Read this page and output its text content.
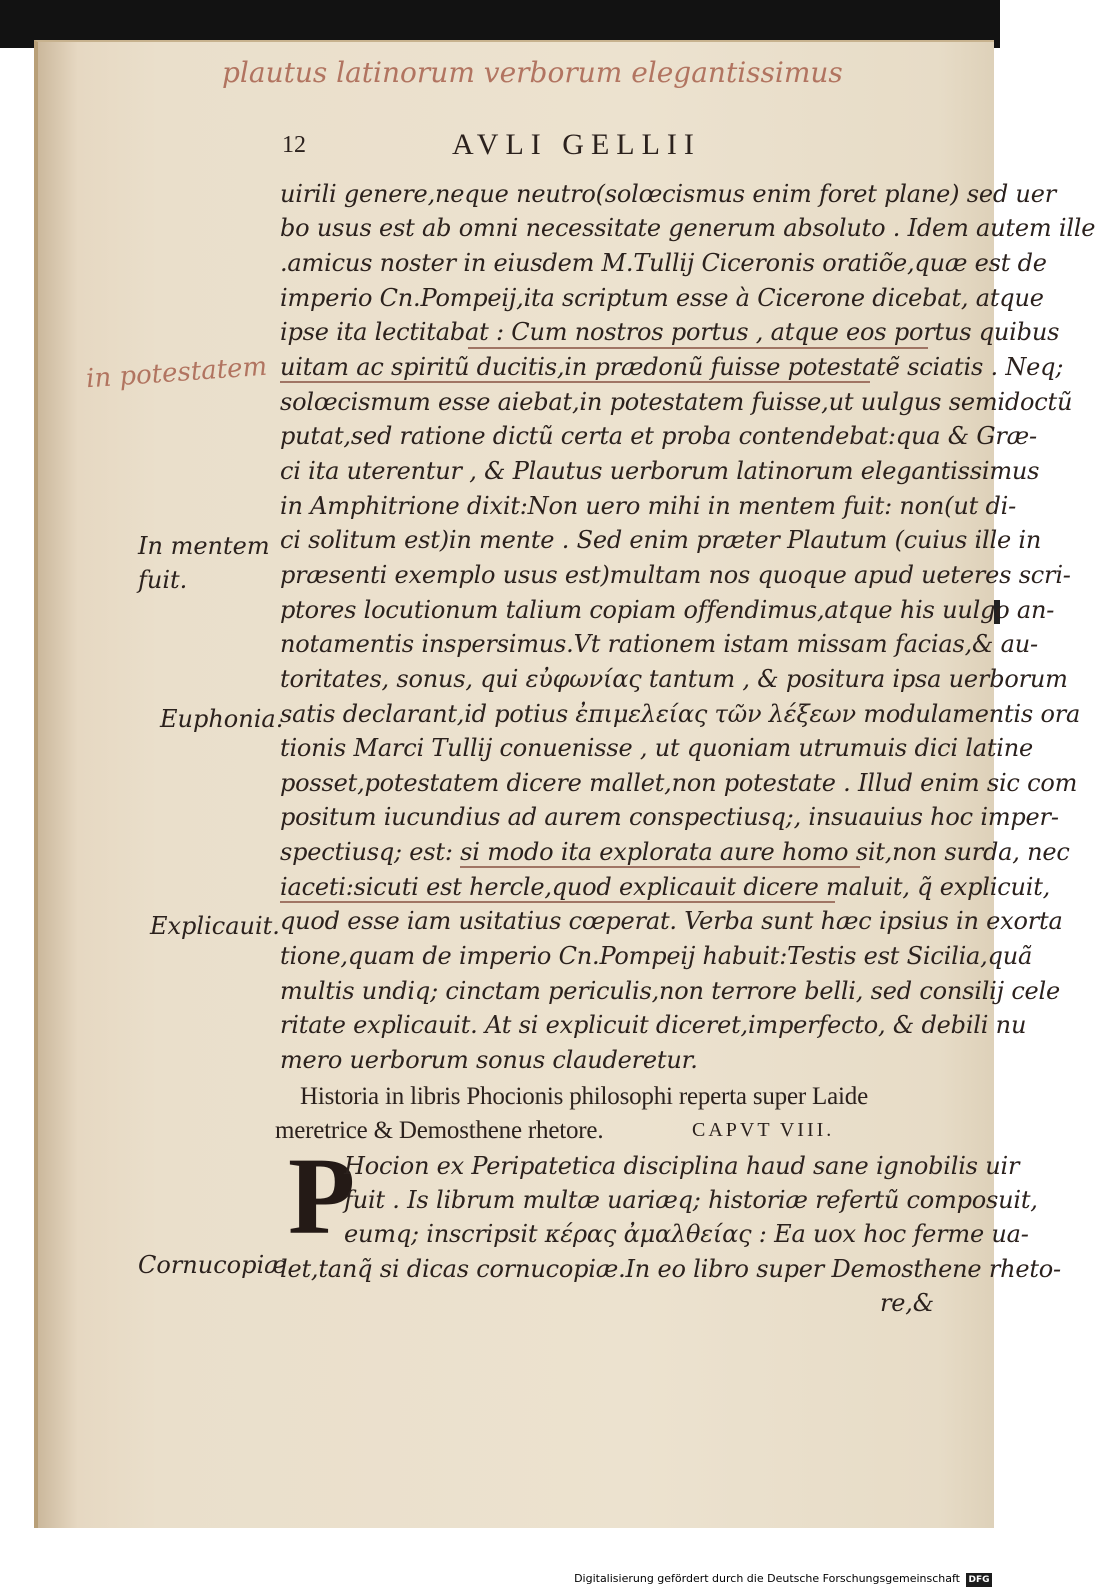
plautus latinorum verborum elegantissimus
in potestatem
12	AVLI GELLII
uirili genere,neque neutro(solœcismus enim foret plane) sed uer
bo usus est ab omni necessitate generum absoluto . Idem autem ille
.amicus noster in eiusdem M.Tullij Ciceronis oratiõe,quæ est de
imperio Cn.Pompeij,ita scriptum esse à Cicerone dicebat, atque
ipse ita lectitabat : Cum nostros portus , atque eos portus quibus
uitam ac spiritũ ducitis,in prædonũ fuisse potestatẽ sciatis . Neq;
solœcismum esse aiebat,in potestatem fuisse,ut uulgus semidoctũ
putat,sed ratione dictũ certa et proba contendebat:qua & Græ-
ci ita uterentur , & Plautus uerborum latinorum elegantissimus
in Amphitrione dixit:Non uero mihi in mentem fuit: non(ut di-
ci solitum est)in mente . Sed enim præter Plautum (cuius ille in
præsenti exemplo usus est)multam nos quoque apud ueteres scri-
ptores locutionum talium copiam offendimus,atque his uulgo an-
notamentis inspersimus.Vt rationem istam missam facias,& au-
toritates, sonus, qui εὐφωνίας tantum , & positura ipsa uerborum
satis declarant,id potius ἐπιμελείας τῶν λέξεων modulamentis ora
tionis Marci Tullij conuenisse , ut quoniam utrumuis dici latine
posset,potestatem dicere mallet,non potestate . Illud enim sic com
positum iucundius ad aurem conspectiusq;, insuauius hoc imper-
spectiusq; est: si modo ita explorata aure homo sit,non surda, nec
iaceti:sicuti est hercle,quod explicauit dicere maluit, q̃ explicuit,
quod esse iam usitatius cœperat. Verba sunt hæc ipsius in exorta
tione,quam de imperio Cn.Pompeij habuit:Testis est Sicilia,quã
multis undiq; cinctam periculis,non terrore belli, sed consilij cele
ritate explicauit. At si explicuit diceret,imperfecto, & debili nu
mero uerborum sonus clauderetur.
In mentem
fuit.
Euphonia.
Explicauit.
Cornucopiæ
Historia in libris Phocionis philosophi reperta super Laide
meretrice & Demosthene rhetore.	CAPVT VIII.
P
Hocion ex Peripatetica disciplina haud sane ignobilis uir
fuit . Is librum multæ uariæq; historiæ refertũ composuit,
eumq; inscripsit κέρας ἀμαλθείας : Ea uox hoc ferme ua-
let,tanq̃ si dicas cornucopiæ.In eo libro super Demosthene rheto-
re,&
Digitalisierung gefördert durch die Deutsche Forschungsgemeinschaft DFG
